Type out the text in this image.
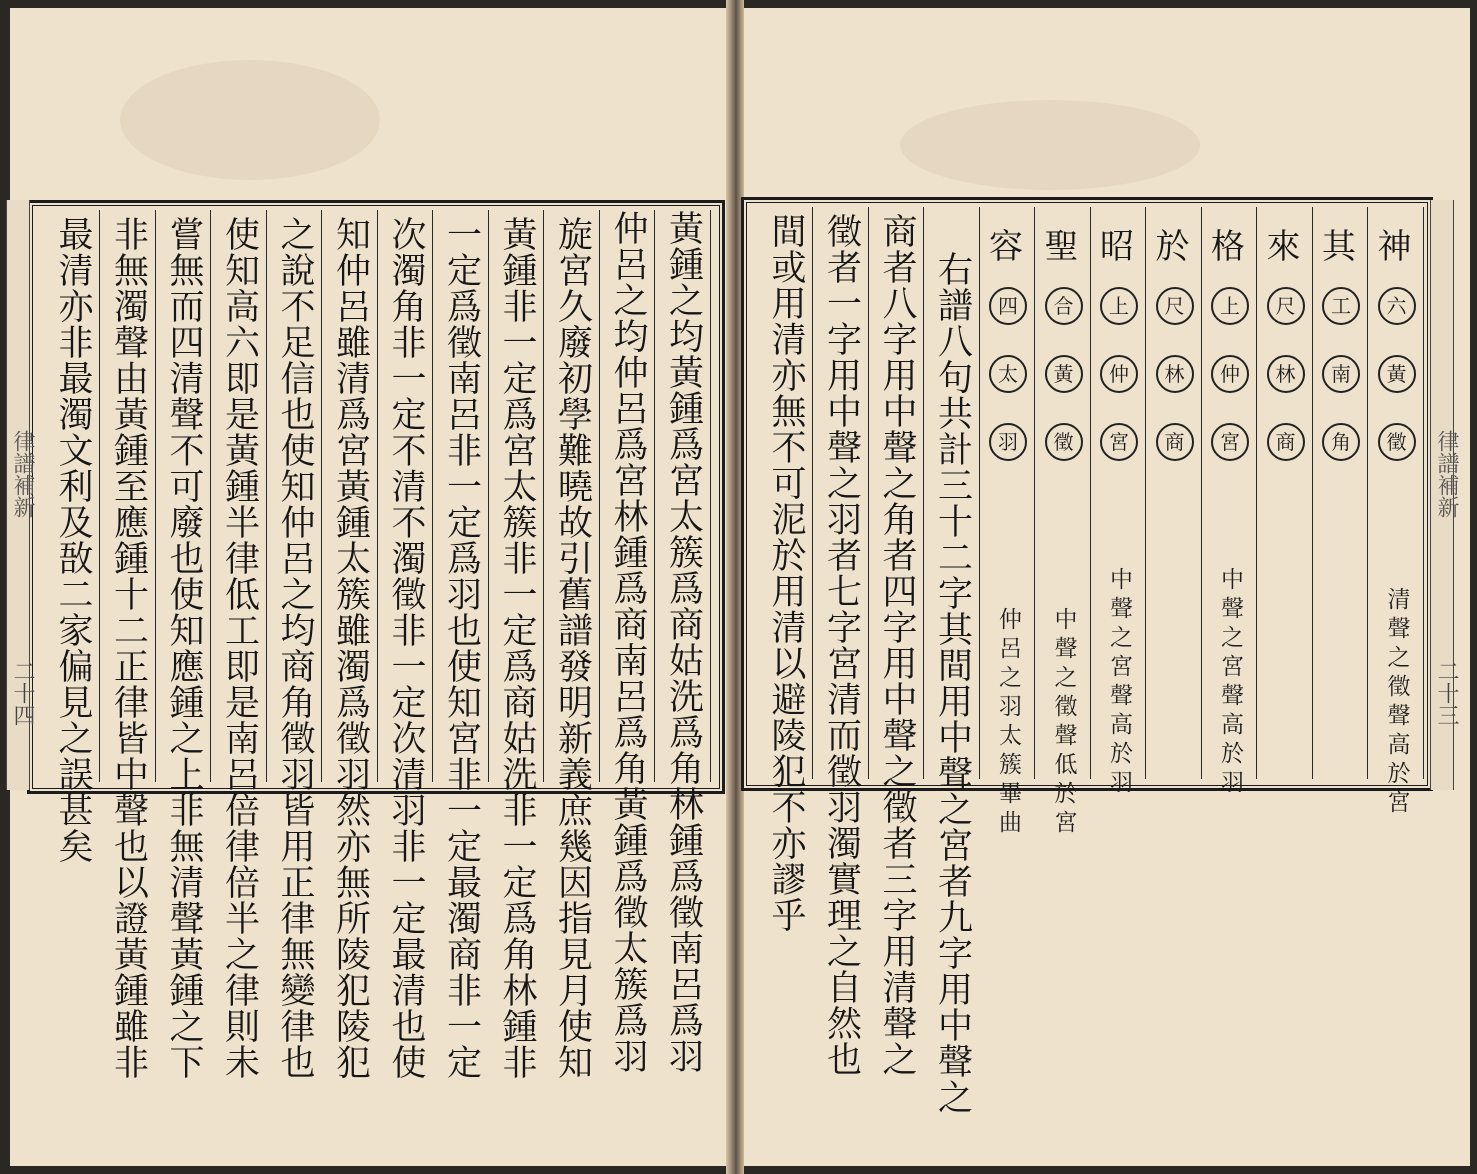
律譜補新
二十四
律譜補新
二十三
黃鍾之均黃鍾爲宮太簇爲商姑洗爲角林鍾爲徵南呂爲羽
仲呂之均仲呂爲宮林鍾爲商南呂爲角黃鍾爲徵太簇爲羽
旋宮久廢初學難曉故引舊譜發明新義庶幾因指見月使知
黃鍾非一定爲宮太簇非一定爲商姑洗非一定爲角林鍾非
一定爲徵南呂非一定爲羽也使知宮非一定最濁商非一定
次濁角非一定不清不濁徵非一定次清羽非一定最清也使
知仲呂雖清爲宮黃鍾太簇雖濁爲徵羽然亦無所陵犯陵犯
之說不足信也使知仲呂之均商角徵羽皆用正律無變律也
使知高六即是黃鍾半律低工即是南呂倍律倍半之律則未
嘗無而四清聲不可廢也使知應鍾之上非無清聲黃鍾之下
非無濁聲由黃鍾至應鍾十二正律皆中聲也以證黃鍾雖非
最清亦非最濁文利及敔二家偏見之誤甚矣	神
六
黃
徵
清聲之徵聲高於宮
其
工
南
角
來
尺
林
商
格
上
仲
宮
中聲之宮聲高於羽
於
尺
林
商
昭
上
仲
宮
中聲之宮聲高於羽
聖
合
黃
徵
中聲之徵聲低於宮
容
四
太
羽
仲呂之羽太簇畢曲
右譜八句共計三十二字其間用中聲之宮者九字用中聲之
商者八字用中聲之角者四字用中聲之徵者三字用清聲之
徵者一字用中聲之羽者七字宮清而徵羽濁實理之自然也
間或用清亦無不可泥於用清以避陵犯不亦謬乎
